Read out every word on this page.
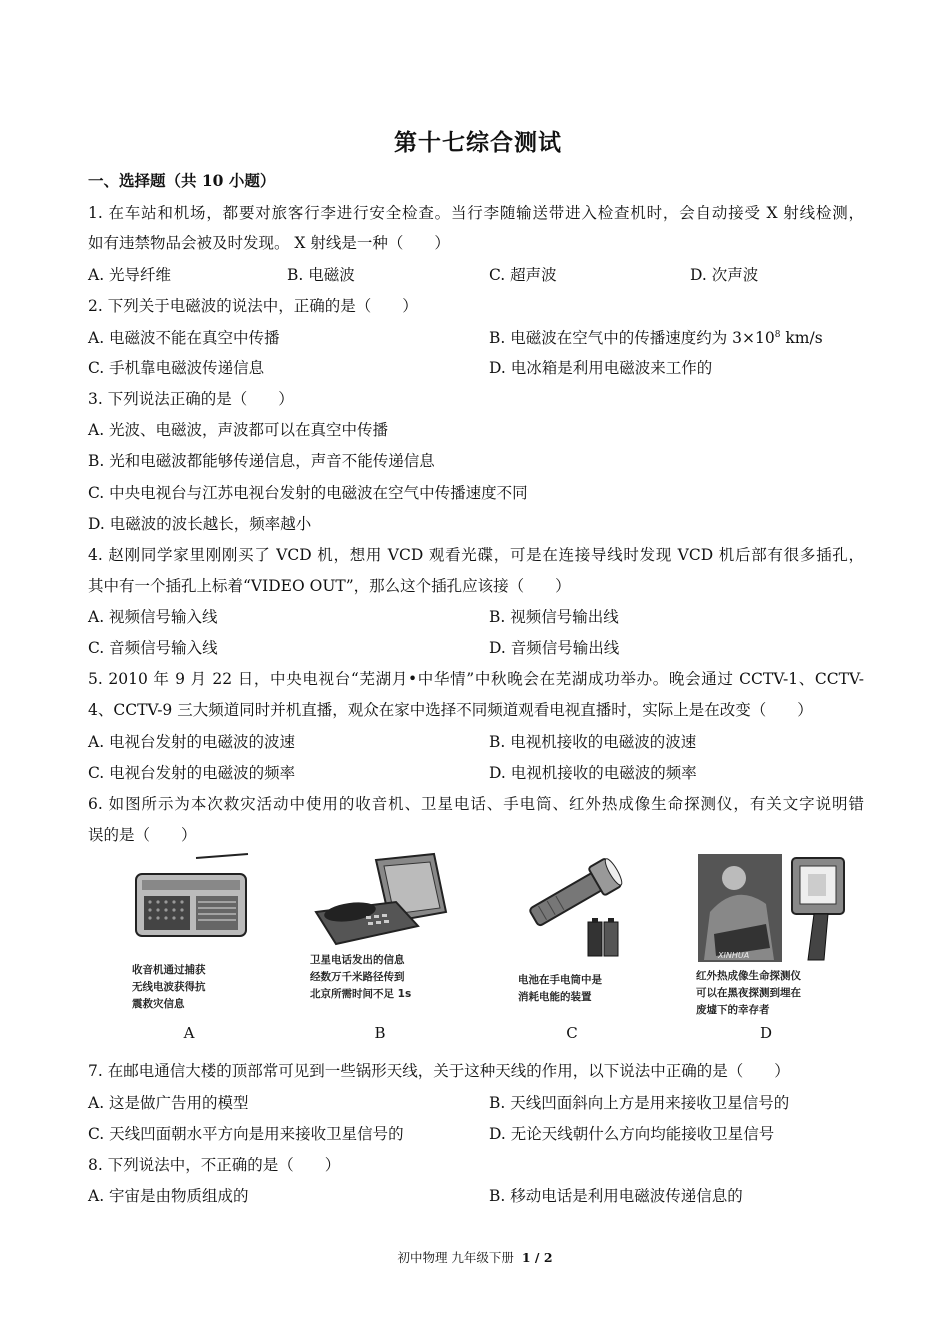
第十七综合测试
一、选择题（共 10 小题）
1. 在车站和机场，都要对旅客行李进行安全检查。当行李随输送带进入检查机时，会自动接受 X 射线检测，
如有违禁物品会被及时发现。 X 射线是一种（　　）
A. 光导纤维	B. 电磁波	C. 超声波	D. 次声波
2. 下列关于电磁波的说法中，正确的是（　　）
A. 电磁波不能在真空中传播	B. 电磁波在空气中的传播速度约为 $3\times 10^8$ km/s
C. 手机靠电磁波传递信息	D. 电冰箱是利用电磁波来工作的
3. 下列说法正确的是（　　）
A. 光波、电磁波，声波都可以在真空中传播
B. 光和电磁波都能够传递信息，声音不能传递信息
C. 中央电视台与江苏电视台发射的电磁波在空气中传播速度不同
D. 电磁波的波长越长，频率越小
4. 赵刚同学家里刚刚买了 VCD 机，想用 VCD 观看光碟，可是在连接导线时发现 VCD 机后部有很多插孔，
其中有一个插孔上标着“VIDEO OUT”，那么这个插孔应该接（　　）
A. 视频信号输入线	B. 视频信号输出线
C. 音频信号输入线	D. 音频信号输出线
5. 2010 年 9 月 22 日，中央电视台“芜湖月•中华情”中秋晚会在芜湖成功举办。晚会通过 CCTV-1、CCTV-
4、CCTV-9 三大频道同时并机直播，观众在家中选择不同频道观看电视直播时，实际上是在改变（　　）
A. 电视台发射的电磁波的波速	B. 电视机接收的电磁波的波速
C. 电视台发射的电磁波的频率	D. 电视机接收的电磁波的频率
6. 如图所示为本次救灾活动中使用的收音机、卫星电话、手电筒、红外热成像生命探测仪，有关文字说明错
误的是（　　）
收音机通过捕获
无线电波获得抗
震救灾信息
A
卫星电话发出的信息
经数万千米路径传到
北京所需时间不足 1s
B
电池在手电筒中是
消耗电能的装置
C
XINHUA
红外热成像生命探测仪
可以在黑夜探测到埋在
废墟下的幸存者
D
7. 在邮电通信大楼的顶部常可见到一些锅形天线，关于这种天线的作用，以下说法中正确的是（　　）
A. 这是做广告用的模型	B. 天线凹面斜向上方是用来接收卫星信号的
C. 天线凹面朝水平方向是用来接收卫星信号的	D. 无论天线朝什么方向均能接收卫星信号
8. 下列说法中，不正确的是（　　）
A. 宇宙是由物质组成的	B. 移动电话是利用电磁波传递信息的
初中物理 九年级下册 1 / 2
